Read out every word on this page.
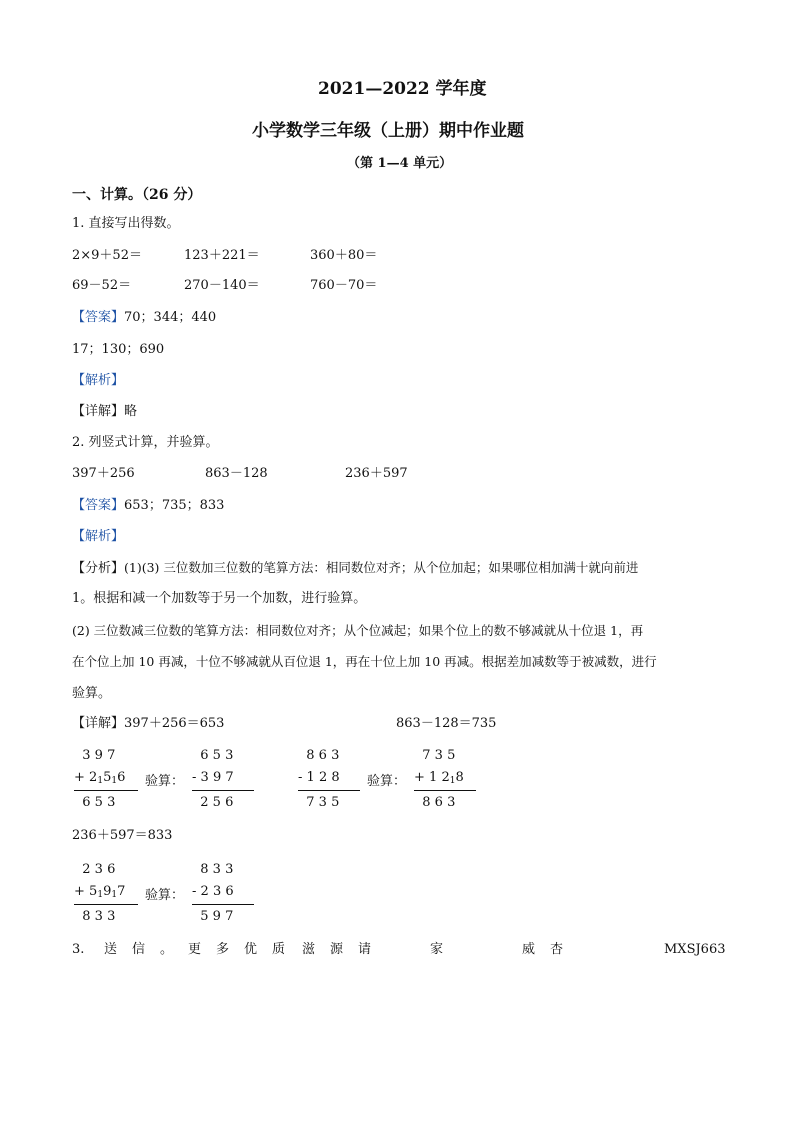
2021—2022 学年度
小学数学三年级（上册）期中作业题
（第 1—4 单元）
一、计算。（26 分）
1. 直接写出得数。
2×9＋52＝	123＋221＝	360＋80＝
69－52＝	270－140＝	760－70＝
【答案】70；344；440
17；130；690
【解析】
【详解】略
2. 列竖式计算，并验算。
397＋256	863－128	236＋597
【答案】653；735；833
【解析】
【分析】(1)(3) 三位数加三位数的笔算方法：相同数位对齐；从个位加起；如果哪位相加满十就向前进
1。根据和减一个加数等于另一个加数，进行验算。
(2) 三位数减三位数的笔算方法：相同数位对齐；从个位减起；如果个位上的数不够减就从十位退 1，再
在个位上加 10 再减，十位不够减就从百位退 1，再在十位上加 10 再减。根据差加减数等于被减数，进行
验算。
【详解】397＋256＝653	863－128＝735
3 9 7
+ 21516
6 5 3
验算：
6 5 3
- 3 9 7
2 5 6
8 6 3
- 1 2 8
7 3 5
验算：
7 3 5
+ 1 218
8 6 3
236＋597＝833
2 3 6
+ 51917
8 3 3
验算：
8 3 3
- 2 3 6
5 9 7
3. 送 信 。 更 多 优 质 滋 源 请	家	威 杏	MXSJ663
